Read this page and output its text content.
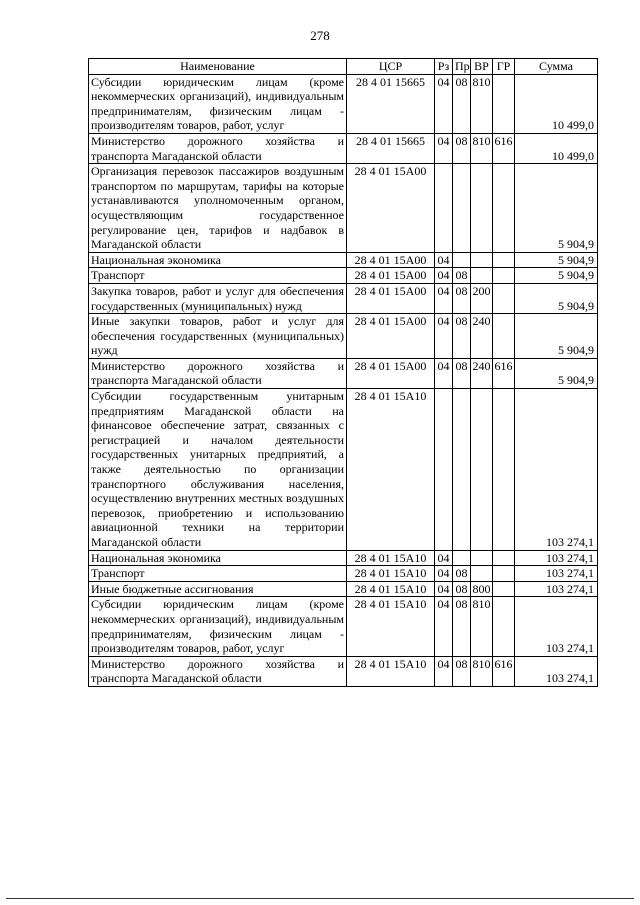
278
Наименование	ЦСР	Рз	Пр	ВР	ГР	Сумма
Субсидии юридическим лицам (кроме некоммерческих организаций), индивидуальным предпринимателям, физическим лицам - производителям товаров, работ, услуг	28 4 01 15665	04	08	810		10 499,0
Министерство дорожного хозяйства и транспорта Магаданской области	28 4 01 15665	04	08	810	616	10 499,0
Организация перевозок пассажиров воздушным транспортом по маршрутам, тарифы на которые устанавливаются уполномоченным органом, осуществляющим государственное регулирование цен, тарифов и надбавок в Магаданской области	28 4 01 15А00					5 904,9
Национальная экономика	28 4 01 15А00	04				5 904,9
Транспорт	28 4 01 15А00	04	08			5 904,9
Закупка товаров, работ и услуг для обеспечения государственных (муниципальных) нужд	28 4 01 15А00	04	08	200		5 904,9
Иные закупки товаров, работ и услуг для обеспечения государственных (муниципальных) нужд	28 4 01 15А00	04	08	240		5 904,9
Министерство дорожного хозяйства и транспорта Магаданской области	28 4 01 15А00	04	08	240	616	5 904,9
Субсидии государственным унитарным предприятиям Магаданской области на финансовое обеспечение затрат, связанных с регистрацией и началом деятельности государственных унитарных предприятий, а также деятельностью по организации транспортного обслуживания населения, осуществлению внутренних местных воздушных перевозок, приобретению и использованию авиационной техники на территории Магаданской области	28 4 01 15А10					103 274,1
Национальная экономика	28 4 01 15А10	04				103 274,1
Транспорт	28 4 01 15А10	04	08			103 274,1
Иные бюджетные ассигнования	28 4 01 15А10	04	08	800		103 274,1
Субсидии юридическим лицам (кроме некоммерческих организаций), индивидуальным предпринимателям, физическим лицам - производителям товаров, работ, услуг	28 4 01 15А10	04	08	810		103 274,1
Министерство дорожного хозяйства и транспорта Магаданской области	28 4 01 15А10	04	08	810	616	103 274,1
